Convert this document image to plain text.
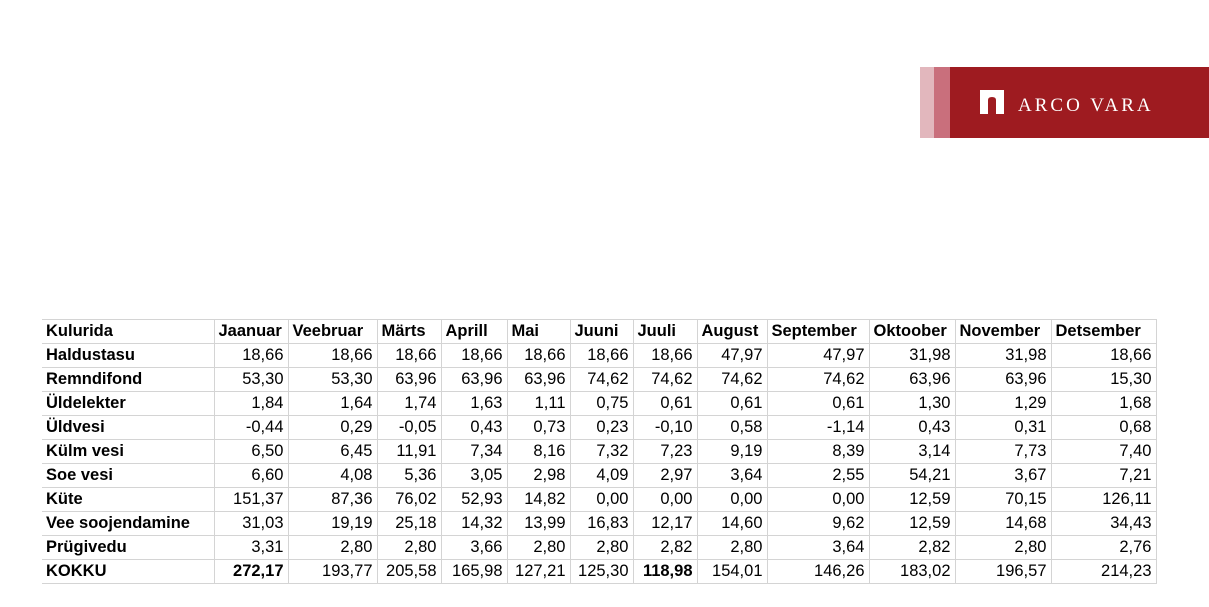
ARCO VARA
Kulurida	Jaanuar	Veebruar	Märts	Aprill	Mai	Juuni	Juuli	August	September	Oktoober	November	Detsember
Haldustasu	18,66	18,66	18,66	18,66	18,66	18,66	18,66	47,97	47,97	31,98	31,98	18,66
Remndifond	53,30	53,30	63,96	63,96	63,96	74,62	74,62	74,62	74,62	63,96	63,96	15,30
Üldelekter	1,84	1,64	1,74	1,63	1,11	0,75	0,61	0,61	0,61	1,30	1,29	1,68
Üldvesi	-0,44	0,29	-0,05	0,43	0,73	0,23	-0,10	0,58	-1,14	0,43	0,31	0,68
Külm vesi	6,50	6,45	11,91	7,34	8,16	7,32	7,23	9,19	8,39	3,14	7,73	7,40
Soe vesi	6,60	4,08	5,36	3,05	2,98	4,09	2,97	3,64	2,55	54,21	3,67	7,21
Küte	151,37	87,36	76,02	52,93	14,82	0,00	0,00	0,00	0,00	12,59	70,15	126,11
Vee soojendamine	31,03	19,19	25,18	14,32	13,99	16,83	12,17	14,60	9,62	12,59	14,68	34,43
Prügivedu	3,31	2,80	2,80	3,66	2,80	2,80	2,82	2,80	3,64	2,82	2,80	2,76
KOKKU	272,17	193,77	205,58	165,98	127,21	125,30	118,98	154,01	146,26	183,02	196,57	214,23
